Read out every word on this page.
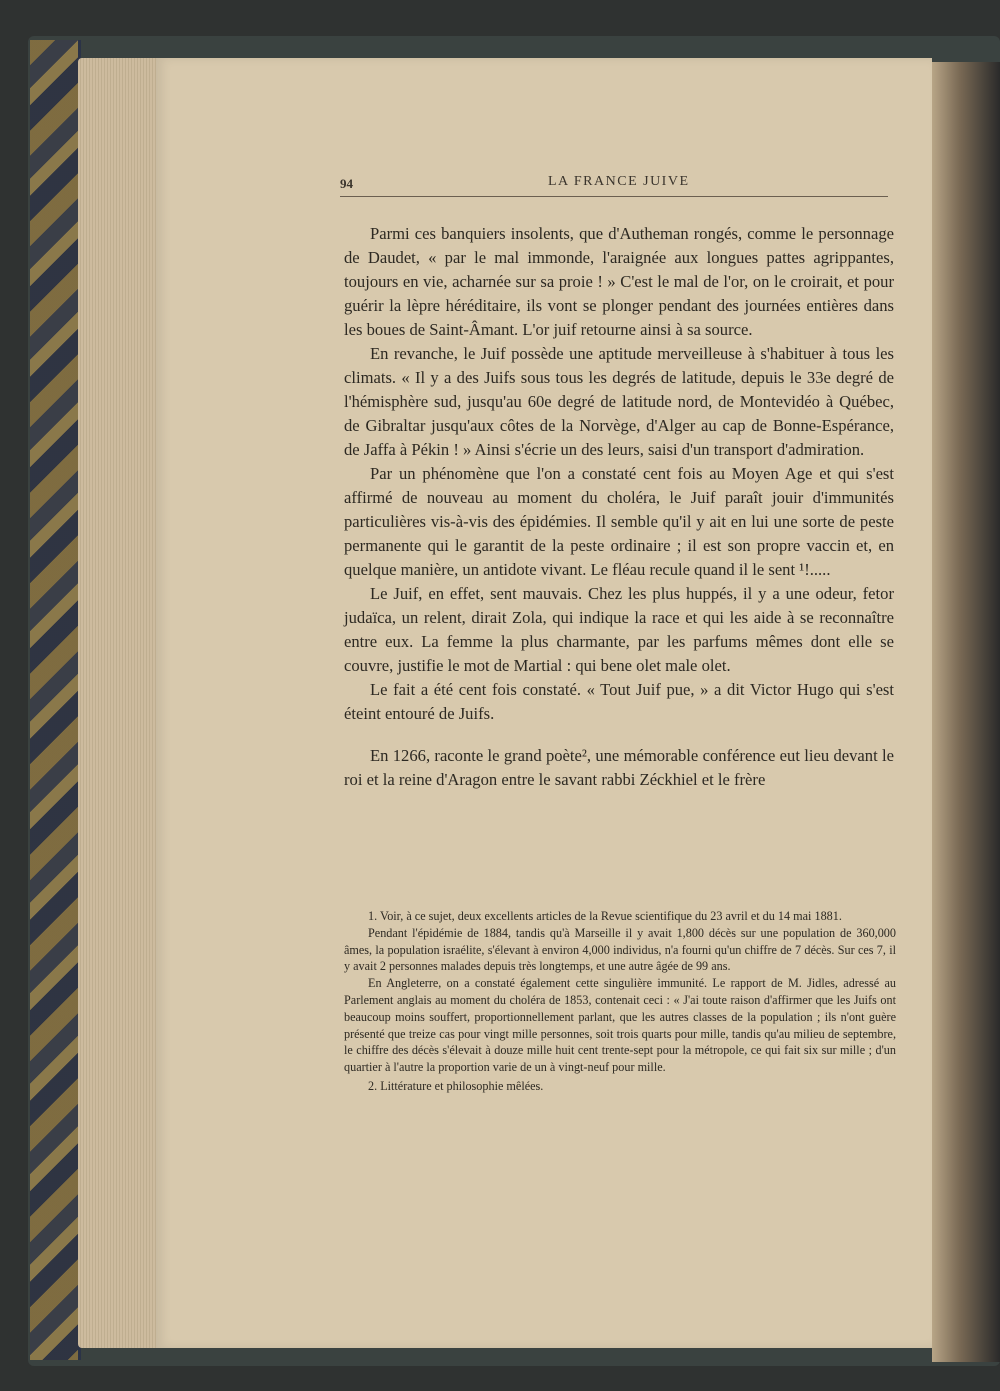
94	LA FRANCE JUIVE

Parmi ces banquiers insolents, que d'Autheman rongés, comme le personnage de Daudet, « par le mal immonde, l'araignée aux longues pattes agrippantes, toujours en vie, acharnée sur sa proie ! » C'est le mal de l'or, on le croirait, et pour guérir la lèpre héréditaire, ils vont se plonger pendant des journées entières dans les boues de Saint-Âmant. L'or juif retourne ainsi à sa source.

En revanche, le Juif possède une aptitude merveilleuse à s'habituer à tous les climats. « Il y a des Juifs sous tous les degrés de latitude, depuis le 33e degré de l'hémisphère sud, jusqu'au 60e degré de latitude nord, de Montevidéo à Québec, de Gibraltar jusqu'aux côtes de la Norvège, d'Alger au cap de Bonne-Espérance, de Jaffa à Pékin ! » Ainsi s'écrie un des leurs, saisi d'un transport d'admiration.

Par un phénomène que l'on a constaté cent fois au Moyen Age et qui s'est affirmé de nouveau au moment du choléra, le Juif paraît jouir d'immunités particulières vis-à-vis des épidémies. Il semble qu'il y ait en lui une sorte de peste permanente qui le garantit de la peste ordinaire ; il est son propre vaccin et, en quelque manière, un antidote vivant. Le fléau recule quand il le sent ¹!.....

Le Juif, en effet, sent mauvais. Chez les plus huppés, il y a une odeur, fetor judaïca, un relent, dirait Zola, qui indique la race et qui les aide à se reconnaître entre eux. La femme la plus charmante, par les parfums mêmes dont elle se couvre, justifie le mot de Martial : qui bene olet male olet.

Le fait a été cent fois constaté. « Tout Juif pue, » a dit Victor Hugo qui s'est éteint entouré de Juifs.

En 1266, raconte le grand poète², une mémorable conférence eut lieu devant le roi et la reine d'Aragon entre le savant rabbi Zéckhiel et le frère

1. Voir, à ce sujet, deux excellents articles de la Revue scientifique du 23 avril et du 14 mai 1881.

Pendant l'épidémie de 1884, tandis qu'à Marseille il y avait 1,800 décès sur une population de 360,000 âmes, la population israélite, s'élevant à environ 4,000 individus, n'a fourni qu'un chiffre de 7 décès. Sur ces 7, il y avait 2 personnes malades depuis très longtemps, et une autre âgée de 99 ans.

En Angleterre, on a constaté également cette singulière immunité. Le rapport de M. Jidles, adressé au Parlement anglais au moment du choléra de 1853, contenait ceci : « J'ai toute raison d'affirmer que les Juifs ont beaucoup moins souffert, proportionnellement parlant, que les autres classes de la population ; ils n'ont guère présenté que treize cas pour vingt mille personnes, soit trois quarts pour mille, tandis qu'au milieu de septembre, le chiffre des décès s'élevait à douze mille huit cent trente-sept pour la métropole, ce qui fait six sur mille ; d'un quartier à l'autre la proportion varie de un à vingt-neuf pour mille.

2. Littérature et philosophie mêlées.
